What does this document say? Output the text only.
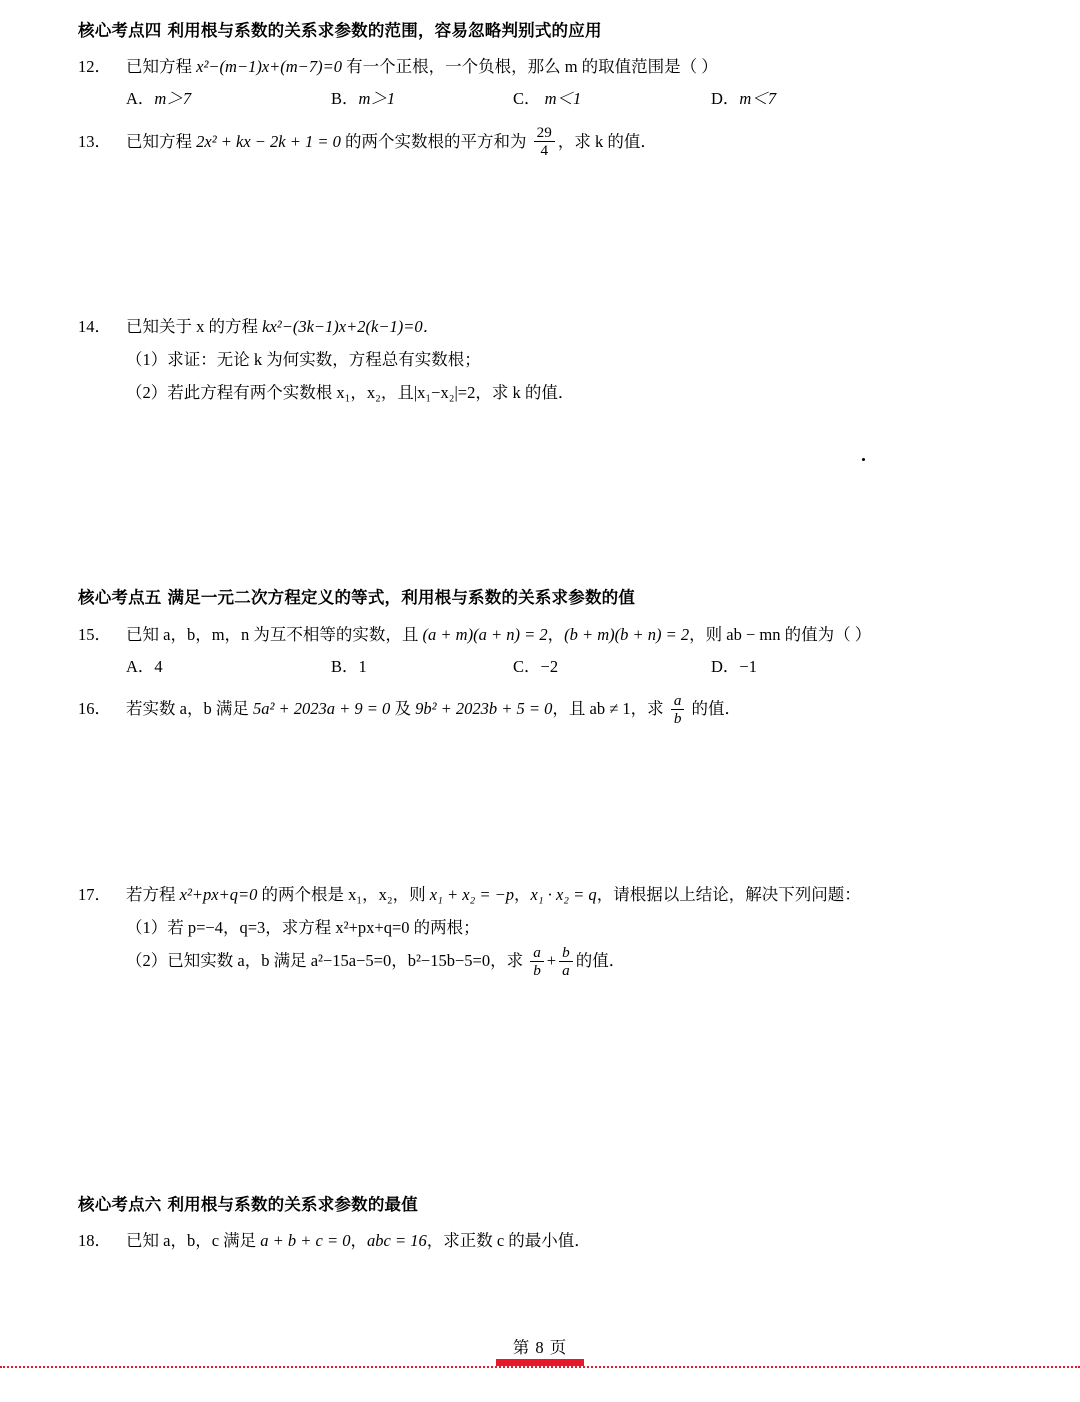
核心考点四 利用根与系数的关系求参数的范围，容易忽略判别式的应用
12． 已知方程 x²−(m−1)x+(m−7)=0 有一个正根，一个负根，那么 m 的取值范围是（ ）
A．m＞7	B．m＞1	C． m＜1	D．m＜7
13． 已知方程 2x² + kx − 2k + 1 = 0 的两个实数根的平方和为 $\frac{29}{4}$ ，求 k 的值．
14． 已知关于 x 的方程 kx²−(3k−1)x+2(k−1)=0．
（1）求证：无论 k 为何实数，方程总有实数根；
（2）若此方程有两个实数根 x₁，x₂，且|x₁−x₂|=2，求 k 的值．
核心考点五 满足一元二次方程定义的等式，利用根与系数的关系求参数的值
15． 已知 a，b，m，n 为互不相等的实数，且 (a + m)(a + n) = 2，(b + m)(b + n) = 2，则 ab − mn 的值为（ ）
A．4	B．1	C．−2	D．−1
16． 若实数 a，b 满足 5a² + 2023a + 9 = 0 及 9b² + 2023b + 5 = 0，且 ab ≠ 1，求 $\frac{a}{b}$ 的值．
17． 若方程 x²+px+q=0 的两个根是 x₁，x₂，则 x₁ + x₂ = −p，x₁ · x₂ = q，请根据以上结论，解决下列问题：
（1）若 p=−4，q=3，求方程 x²+px+q=0 的两根；
（2）已知实数 a，b 满足 a²−15a−5=0，b²−15b−5=0，求 $\frac{a}{b} + \frac{b}{a}$ 的值．
核心考点六 利用根与系数的关系求参数的最值
18． 已知 a，b，c 满足 a + b + c = 0，abc = 16，求正数 c 的最小值．
第 8 页
